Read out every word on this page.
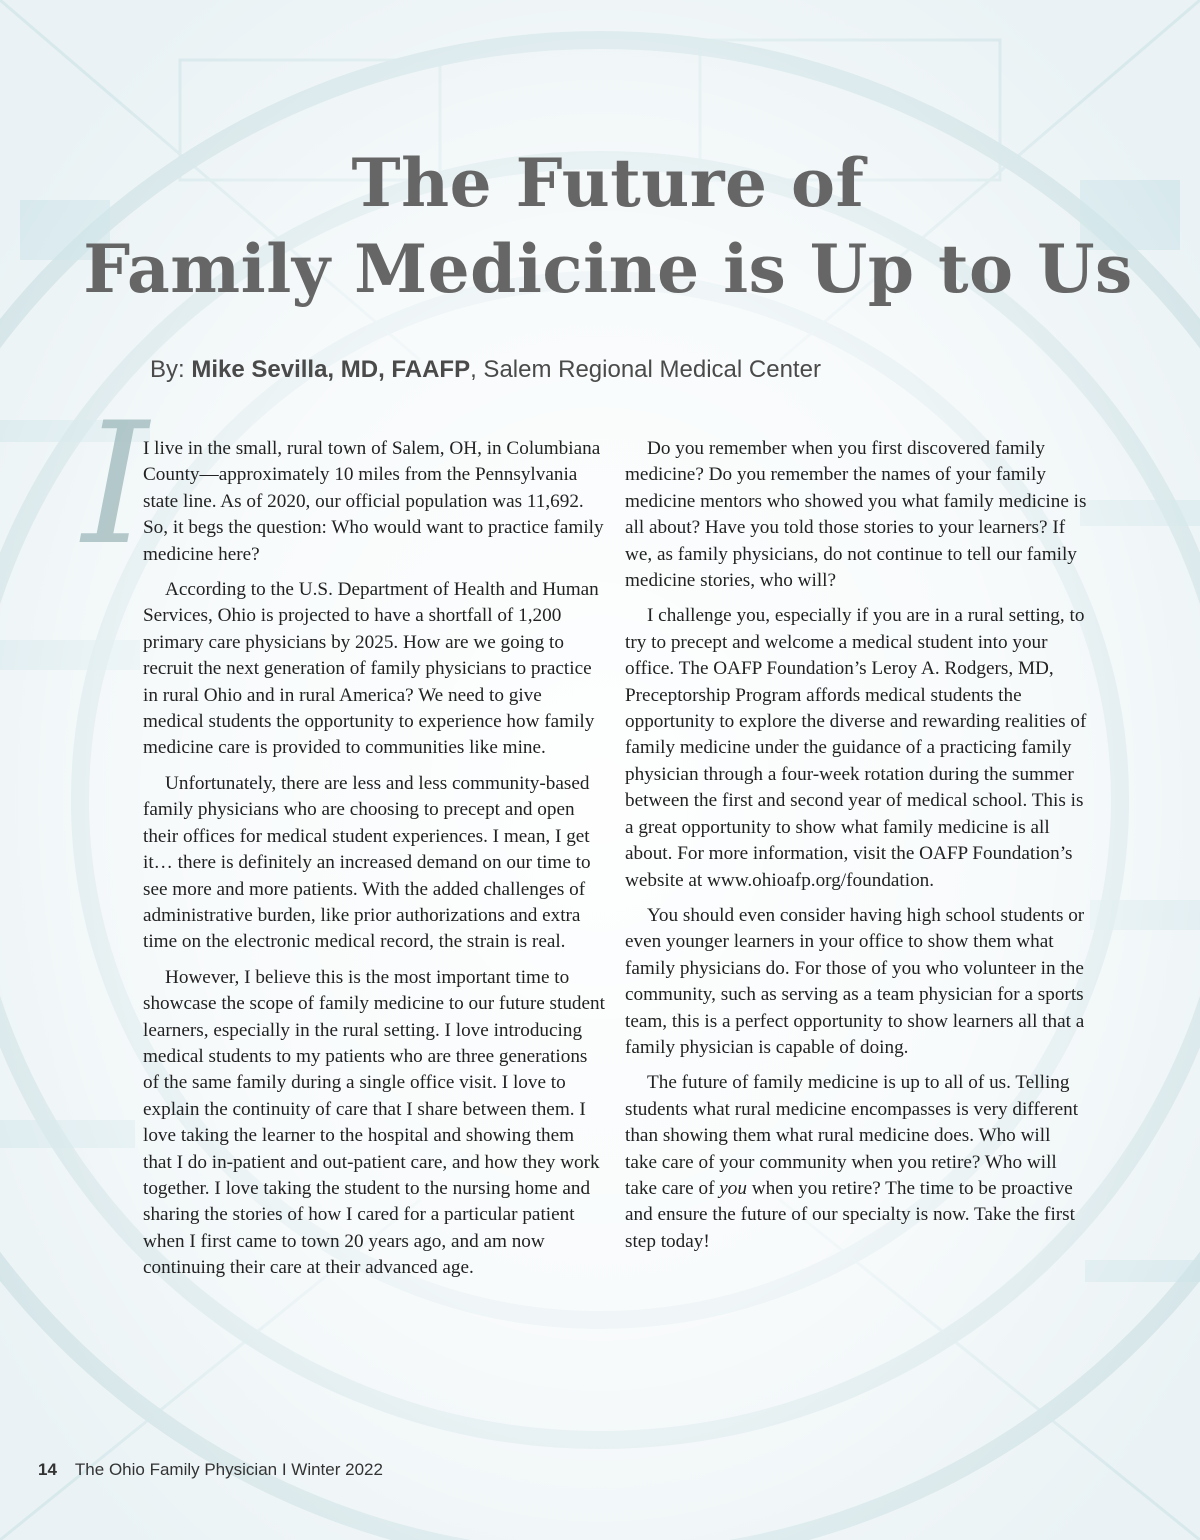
The Future of
Family Medicine is Up to Us

By: Mike Sevilla, MD, FAAFP, Salem Regional Medical Center

I

I live in the small, rural town of Salem, OH, in Columbiana County—approximately 10 miles from the Pennsylvania state line. As of 2020, our official population was 11,692. So, it begs the question: Who would want to practice family medicine here?

According to the U.S. Department of Health and Human Services, Ohio is projected to have a shortfall of 1,200 primary care physicians by 2025. How are we going to recruit the next generation of family physicians to practice in rural Ohio and in rural America? We need to give medical students the opportunity to experience how family medicine care is provided to communities like mine.

Unfortunately, there are less and less community-based family physicians who are choosing to precept and open their offices for medical student experiences. I mean, I get it… there is definitely an increased demand on our time to see more and more patients. With the added challenges of administrative burden, like prior authorizations and extra time on the electronic medical record, the strain is real.

However, I believe this is the most important time to showcase the scope of family medicine to our future student learners, especially in the rural setting. I love introducing medical students to my patients who are three generations of the same family during a single office visit. I love to explain the continuity of care that I share between them. I love taking the learner to the hospital and showing them that I do in-patient and out-patient care, and how they work together. I love taking the student to the nursing home and sharing the stories of how I cared for a particular patient when I first came to town 20 years ago, and am now continuing their care at their advanced age.

Do you remember when you first discovered family medicine? Do you remember the names of your family medicine mentors who showed you what family medicine is all about? Have you told those stories to your learners? If we, as family physicians, do not continue to tell our family medicine stories, who will?

I challenge you, especially if you are in a rural setting, to try to precept and welcome a medical student into your office. The OAFP Foundation’s Leroy A. Rodgers, MD, Preceptorship Program affords medical students the opportunity to explore the diverse and rewarding realities of family medicine under the guidance of a practicing family physician through a four-week rotation during the summer between the first and second year of medical school. This is a great opportunity to show what family medicine is all about. For more information, visit the OAFP Foundation’s website at www.ohioafp.org/foundation.

You should even consider having high school students or even younger learners in your office to show them what family physicians do. For those of you who volunteer in the community, such as serving as a team physician for a sports team, this is a perfect opportunity to show learners all that a family physician is capable of doing.

The future of family medicine is up to all of us. Telling students what rural medicine encompasses is very different than showing them what rural medicine does. Who will take care of your community when you retire? Who will take care of you when you retire? The time to be proactive and ensure the future of our specialty is now. Take the first step today!

14 The Ohio Family Physician I Winter 2022
